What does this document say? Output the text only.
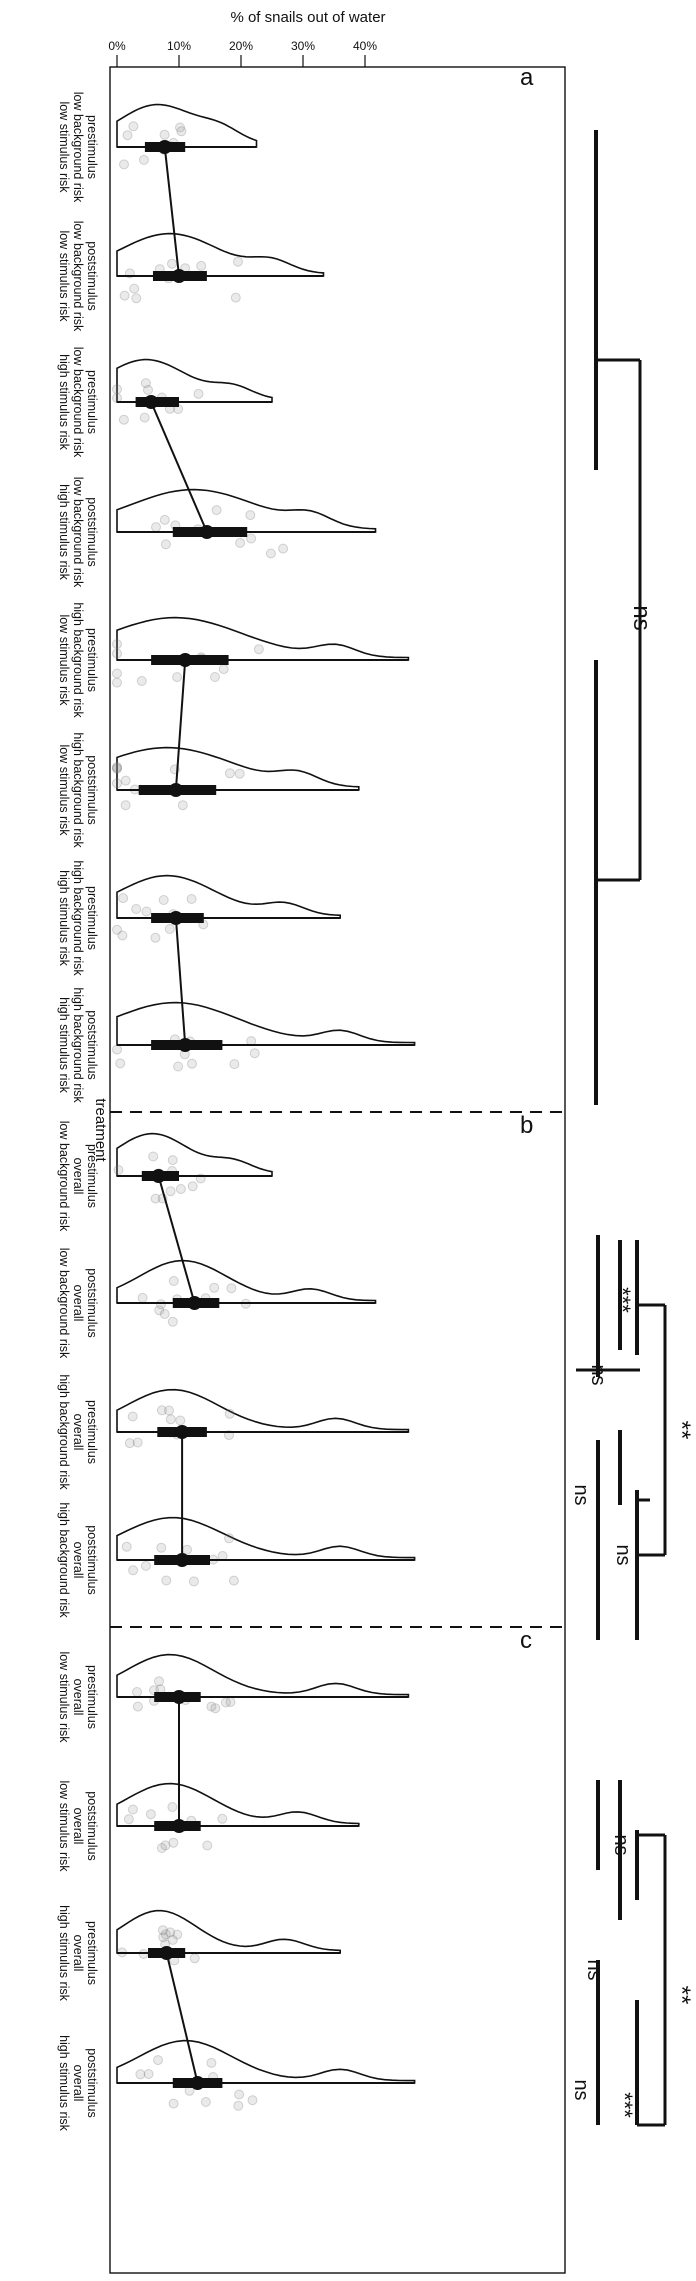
% of snails out of water
0%	10%	20%	30%	40%
a
b
c
prestimulus
low background risk
low stimulus risk
poststimulus
low background risk
low stimulus risk
prestimulus
low background risk
high stimulus risk
poststimulus
low background risk
high stimulus risk
prestimulus
high background risk
low stimulus risk
poststimulus
high background risk
low stimulus risk
prestimulus
high background risk
high stimulus risk
poststimulus
high background risk
high stimulus risk
prestimulus
overall
low background risk
poststimulus
overall
low background risk
prestimulus
overall
high background risk
poststimulus
overall
high background risk
prestimulus
overall
low stimulus risk
poststimulus
overall
low stimulus risk
prestimulus
overall
high stimulus risk
poststimulus
overall
high stimulus risk
treatment
ns
***
ns
ns
ns
**
ns
ns
ns
***
**
